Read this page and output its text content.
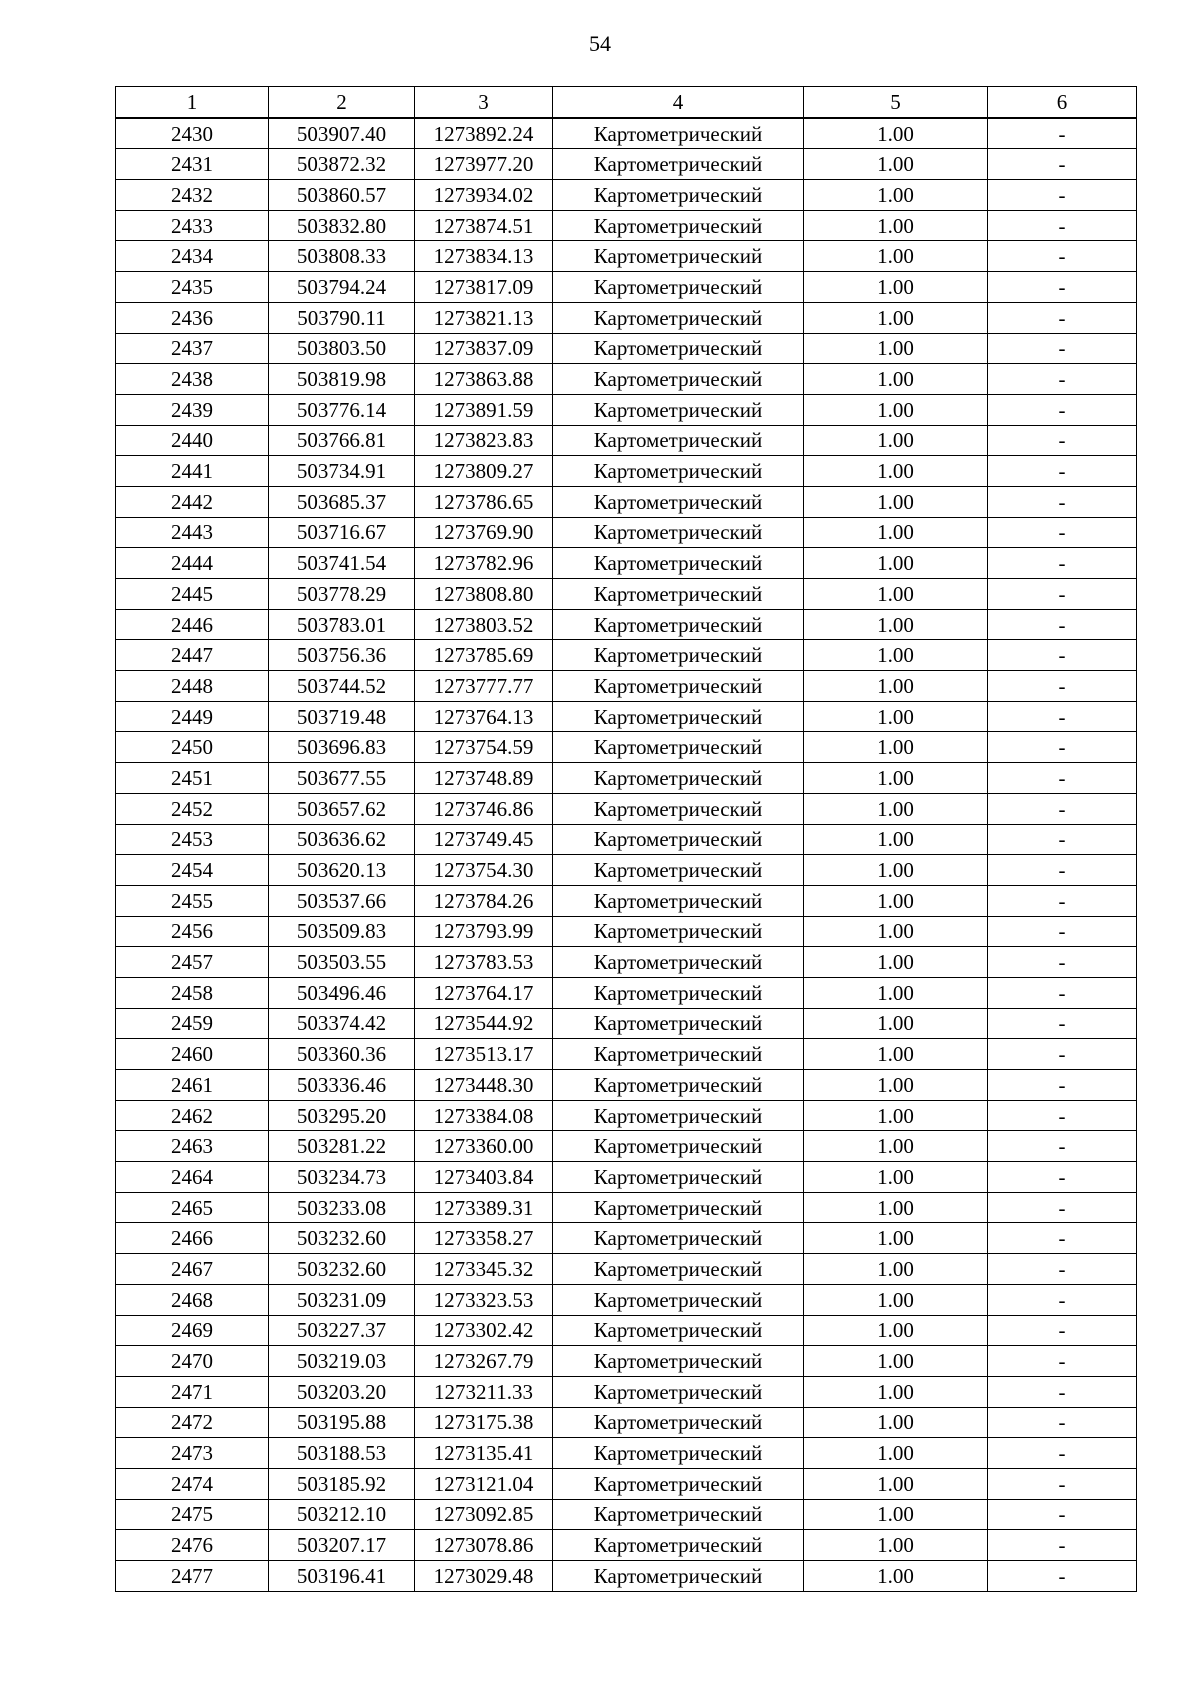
54
1	2	3	4	5	6
2430	503907.40	1273892.24	Картометрический	1.00	-
2431	503872.32	1273977.20	Картометрический	1.00	-
2432	503860.57	1273934.02	Картометрический	1.00	-
2433	503832.80	1273874.51	Картометрический	1.00	-
2434	503808.33	1273834.13	Картометрический	1.00	-
2435	503794.24	1273817.09	Картометрический	1.00	-
2436	503790.11	1273821.13	Картометрический	1.00	-
2437	503803.50	1273837.09	Картометрический	1.00	-
2438	503819.98	1273863.88	Картометрический	1.00	-
2439	503776.14	1273891.59	Картометрический	1.00	-
2440	503766.81	1273823.83	Картометрический	1.00	-
2441	503734.91	1273809.27	Картометрический	1.00	-
2442	503685.37	1273786.65	Картометрический	1.00	-
2443	503716.67	1273769.90	Картометрический	1.00	-
2444	503741.54	1273782.96	Картометрический	1.00	-
2445	503778.29	1273808.80	Картометрический	1.00	-
2446	503783.01	1273803.52	Картометрический	1.00	-
2447	503756.36	1273785.69	Картометрический	1.00	-
2448	503744.52	1273777.77	Картометрический	1.00	-
2449	503719.48	1273764.13	Картометрический	1.00	-
2450	503696.83	1273754.59	Картометрический	1.00	-
2451	503677.55	1273748.89	Картометрический	1.00	-
2452	503657.62	1273746.86	Картометрический	1.00	-
2453	503636.62	1273749.45	Картометрический	1.00	-
2454	503620.13	1273754.30	Картометрический	1.00	-
2455	503537.66	1273784.26	Картометрический	1.00	-
2456	503509.83	1273793.99	Картометрический	1.00	-
2457	503503.55	1273783.53	Картометрический	1.00	-
2458	503496.46	1273764.17	Картометрический	1.00	-
2459	503374.42	1273544.92	Картометрический	1.00	-
2460	503360.36	1273513.17	Картометрический	1.00	-
2461	503336.46	1273448.30	Картометрический	1.00	-
2462	503295.20	1273384.08	Картометрический	1.00	-
2463	503281.22	1273360.00	Картометрический	1.00	-
2464	503234.73	1273403.84	Картометрический	1.00	-
2465	503233.08	1273389.31	Картометрический	1.00	-
2466	503232.60	1273358.27	Картометрический	1.00	-
2467	503232.60	1273345.32	Картометрический	1.00	-
2468	503231.09	1273323.53	Картометрический	1.00	-
2469	503227.37	1273302.42	Картометрический	1.00	-
2470	503219.03	1273267.79	Картометрический	1.00	-
2471	503203.20	1273211.33	Картометрический	1.00	-
2472	503195.88	1273175.38	Картометрический	1.00	-
2473	503188.53	1273135.41	Картометрический	1.00	-
2474	503185.92	1273121.04	Картометрический	1.00	-
2475	503212.10	1273092.85	Картометрический	1.00	-
2476	503207.17	1273078.86	Картометрический	1.00	-
2477	503196.41	1273029.48	Картометрический	1.00	-
